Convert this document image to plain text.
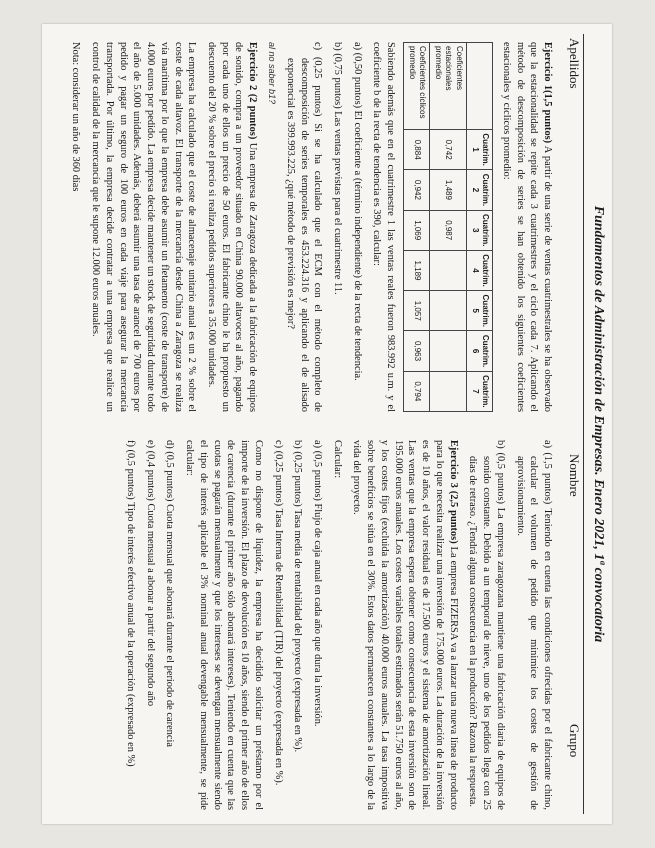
Fundamentos de Administración de Empresas. Enero 2021, 1ª convocatoria
Apellidos
Nombre
Grupo

Ejercicio 1(1,5 puntos) A partir de una serie de ventas cuatrimestrales se ha observado que la estacionalidad se repite cada 3 cuatrimestres y el ciclo cada 7. Aplicando el método de descomposición de series se han obtenido los siguientes coeficientes estacionales y cíclicos promedio:

	Cuatrim. 1	Cuatrim. 2	Cuatrim. 3	Cuatrim. 4	Cuatrim. 5	Cuatrim. 6	Cuatrim. 7
Coeficientes estacionales promedio	0,742	1,489	0,987				
Coeficientes cíclicos promedio	0,884	0,942	1,069	1,189	1,057	0,963	0,794

Sabiendo además que en el cuatrimestre 1 las ventas reales fueron 983.992 u.m. y el coeficiente b de la recta de tendencia es 390, calcular:

a) (0,50 puntos) El coeficiente a (término independiente) de la recta de tendencia.

b) (0,75 puntos) Las ventas previstas para el cuatrimestre 11.

c) (0,25 puntos) Si se ha calculado que el ECM con el método completo de descomposición de series temporales es 453.224.316 y aplicando el de alisado exponencial es 399.993.225, ¿qué método de previsión es mejor?

al no saber b1?

Ejercicio 2 (2 puntos) Una empresa de Zaragoza dedicada a la fabricación de equipos de sonido, compra a un proveedor situado en China 90.000 altavoces al año, pagando por cada uno de ellos un precio de 50 euros. El fabricante chino le ha propuesto un descuento del 20 % sobre el precio si realiza pedidos superiores a 35.000 unidades.

La empresa ha calculado que el coste de almacenaje unitario anual es un 2 % sobre el coste de cada altavoz. El transporte de la mercancía desde China a Zaragoza se realiza vía marítima por lo que la empresa debe asumir un fletamento (coste de transporte) de 4.000 euros por pedido. La empresa decide mantener un stock de seguridad durante todo el año de 5.000 unidades. Además, deberá asumir una tasa de arancel de 700 euros por pedido y pagar un seguro de 100 euros en cada viaje para asegurar la mercancía transportada. Por último, la empresa decide contratar a una empresa que realice un control de calidad de la mercancía que le supone 12.000 euros anuales.

Nota: considerar un año de 360 días

a) (1,5 puntos) Teniendo en cuenta las condiciones ofrecidas por el fabricante chino, calcular el volumen de pedido que minimice los costes de gestión de aprovisionamiento.

b) (0,5 puntos) La empresa zaragozana mantiene una fabricación diaria de equipos de sonido constante. Debido a un temporal de nieve, uno de los pedidos llega con 25 días de retraso. ¿Tendrá alguna consecuencia en la producción? Razona la respuesta.

Ejercicio 3 (2,5 puntos) La empresa FIZERSA va a lanzar una nueva línea de producto para lo que necesita realizar una inversión de 175.000 euros. La duración de la inversión es de 10 años, el valor residual es de 17.500 euros y el sistema de amortización lineal. Las ventas que la empresa espera obtener como consecuencia de esta inversión son de 195.000 euros anuales. Los costes variables totales estimados serán 51.750 euros al año, y los costes fijos (excluida la amortización) 40.000 euros anuales. La tasa impositiva sobre beneficios se sitúa en el 30%. Estos datos permanecen constantes a lo largo de la vida del proyecto.

Calcular:

a) (0,5 puntos) Flujo de caja anual en cada año que dura la inversión.

b) (0,25 puntos) Tasa media de rentabilidad del proyecto (expresada en %).

c) (0,25 puntos) Tasa Interna de Rentabilidad (TIR) del proyecto (expresada en %).

Como no dispone de liquidez, la empresa ha decidido solicitar un préstamo por el importe de la inversión. El plazo de devolución es 10 años, siendo el primer año de ellos de carencia (durante el primer año sólo abonará intereses). Teniendo en cuenta que las cuotas se pagarán mensualmente y que los intereses se devengan mensualmente siendo el tipo de interés aplicable el 3% nominal anual devengable mensualmente, se pide calcular:

d) (0,5 puntos) Cuota mensual que abonará durante el periodo de carencia

e) (0,4 puntos) Cuota mensual a abonar a partir del segundo año

f) (0,5 puntos) Tipo de interés efectivo anual de la operación (expresado en %)
